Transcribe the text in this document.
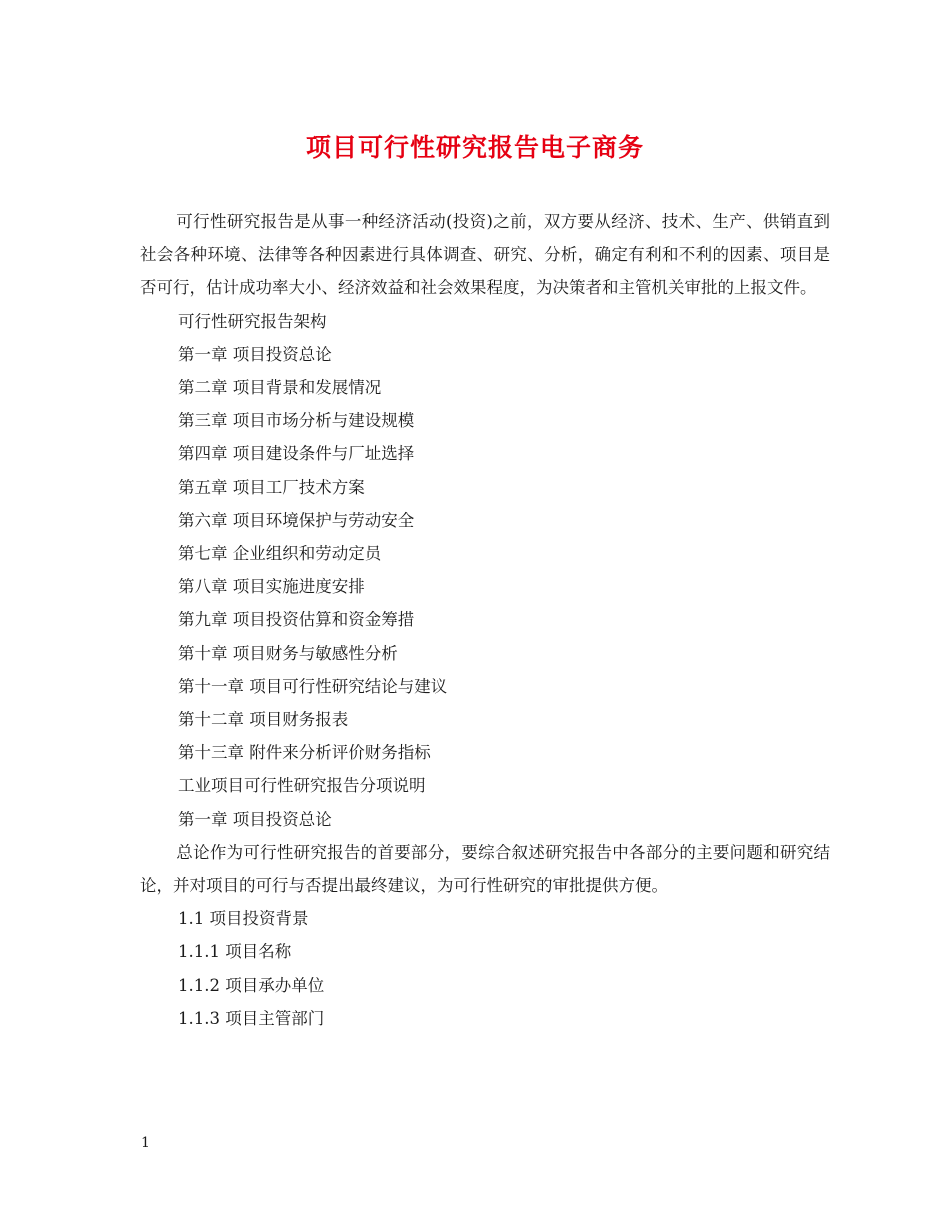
项目可行性研究报告电子商务

可行性研究报告是从事一种经济活动(投资)之前，双方要从经济、技术、生产、供销直到社会各种环境、法律等各种因素进行具体调查、研究、分析，确定有利和不利的因素、项目是否可行，估计成功率大小、经济效益和社会效果程度，为决策者和主管机关审批的上报文件。

可行性研究报告架构

第一章 项目投资总论

第二章 项目背景和发展情况

第三章 项目市场分析与建设规模

第四章 项目建设条件与厂址选择

第五章 项目工厂技术方案

第六章 项目环境保护与劳动安全

第七章 企业组织和劳动定员

第八章 项目实施进度安排

第九章 项目投资估算和资金筹措

第十章 项目财务与敏感性分析

第十一章 项目可行性研究结论与建议

第十二章 项目财务报表

第十三章 附件来分析评价财务指标

工业项目可行性研究报告分项说明

第一章 项目投资总论

总论作为可行性研究报告的首要部分，要综合叙述研究报告中各部分的主要问题和研究结论，并对项目的可行与否提出最终建议，为可行性研究的审批提供方便。

1.1 项目投资背景

1.1.1 项目名称

1.1.2 项目承办单位

1.1.3 项目主管部门

1
